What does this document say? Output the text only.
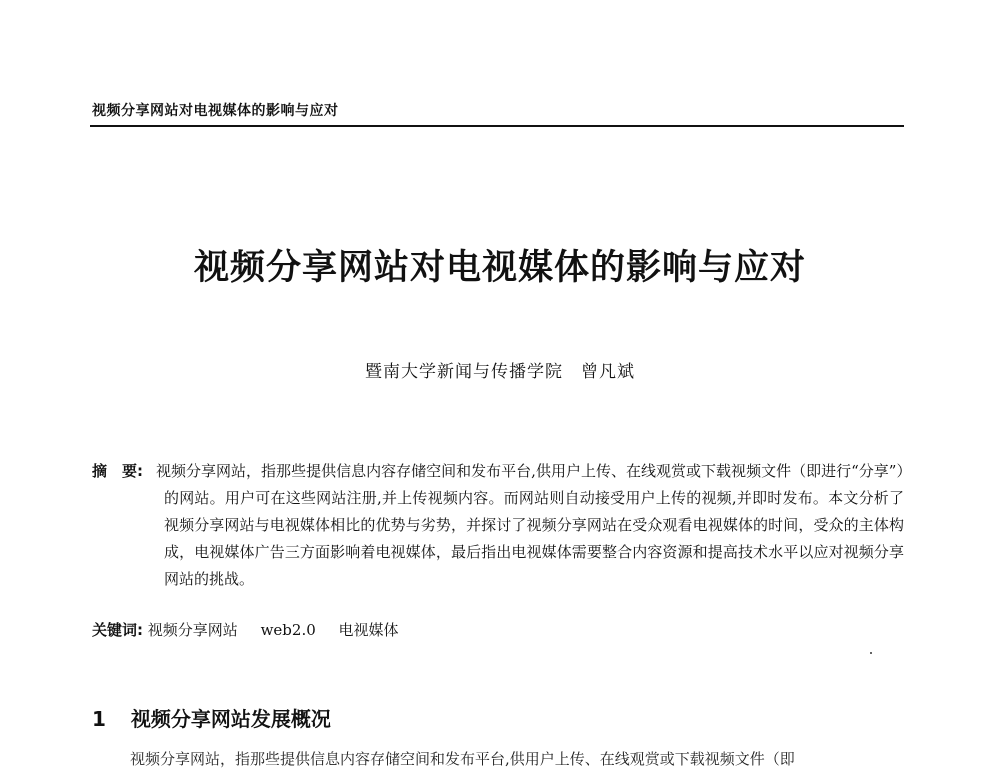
视频分享网站对电视媒体的影响与应对
视频分享网站对电视媒体的影响与应对
暨南大学新闻与传播学院　曾凡斌
摘　要: 视频分享网站，指那些提供信息内容存储空间和发布平台,供用户上传、在线观赏或下载视频文件（即进行“分享”）的网站。用户可在这些网站注册,并上传视频内容。而网站则自动接受用户上传的视频,并即时发布。本文分析了视频分享网站与电视媒体相比的优势与劣势，并探讨了视频分享网站在受众观看电视媒体的时间，受众的主体构成，电视媒体广告三方面影响着电视媒体，最后指出电视媒体需要整合内容资源和提高技术水平以应对视频分享网站的挑战。
关键词: 视频分享网站 web2.0 电视媒体
1 视频分享网站发展概况
视频分享网站，指那些提供信息内容存储空间和发布平台,供用户上传、在线观赏或下载视频文件（即
